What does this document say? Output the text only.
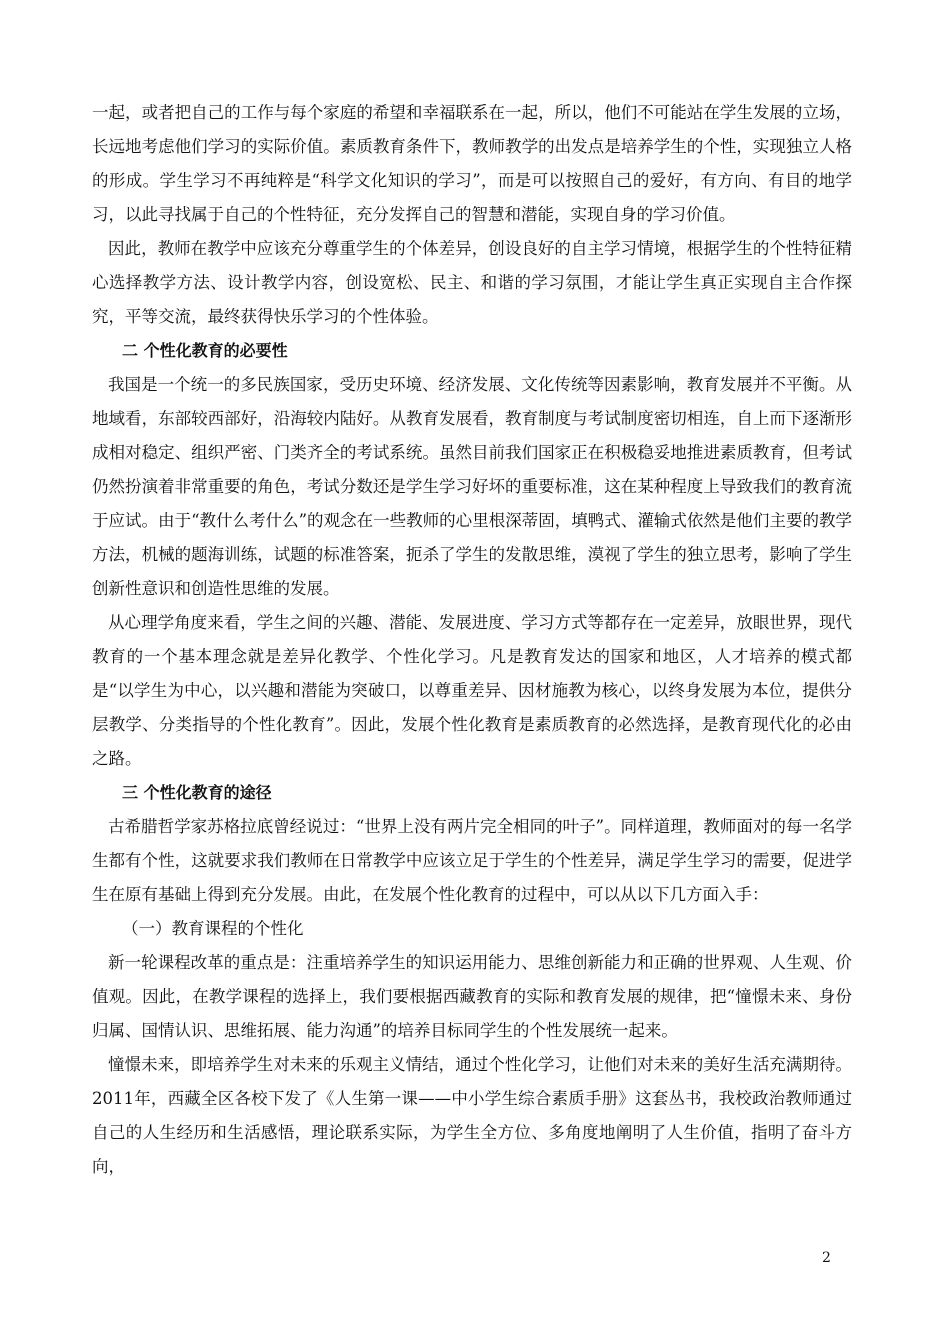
一起，或者把自己的工作与每个家庭的希望和幸福联系在一起，所以，他们不可能站在学生发展的立场，长远地考虑他们学习的实际价值。素质教育条件下，教师教学的出发点是培养学生的个性，实现独立人格的形成。学生学习不再纯粹是“科学文化知识的学习”，而是可以按照自己的爱好，有方向、有目的地学习，以此寻找属于自己的个性特征，充分发挥自己的智慧和潜能，实现自身的学习价值。

因此，教师在教学中应该充分尊重学生的个体差异，创设良好的自主学习情境，根据学生的个性特征精心选择教学方法、设计教学内容，创设宽松、民主、和谐的学习氛围，才能让学生真正实现自主合作探究，平等交流，最终获得快乐学习的个性体验。

二 个性化教育的必要性

我国是一个统一的多民族国家，受历史环境、经济发展、文化传统等因素影响，教育发展并不平衡。从地域看，东部较西部好，沿海较内陆好。从教育发展看，教育制度与考试制度密切相连，自上而下逐渐形成相对稳定、组织严密、门类齐全的考试系统。虽然目前我们国家正在积极稳妥地推进素质教育，但考试仍然扮演着非常重要的角色，考试分数还是学生学习好坏的重要标准，这在某种程度上导致我们的教育流于应试。由于“教什么考什么”的观念在一些教师的心里根深蒂固，填鸭式、灌输式依然是他们主要的教学方法，机械的题海训练，试题的标准答案，扼杀了学生的发散思维，漠视了学生的独立思考，影响了学生创新性意识和创造性思维的发展。

从心理学角度来看，学生之间的兴趣、潜能、发展进度、学习方式等都存在一定差异，放眼世界，现代教育的一个基本理念就是差异化教学、个性化学习。凡是教育发达的国家和地区，人才培养的模式都是“以学生为中心，以兴趣和潜能为突破口，以尊重差异、因材施教为核心，以终身发展为本位，提供分层教学、分类指导的个性化教育”。因此，发展个性化教育是素质教育的必然选择，是教育现代化的必由之路。

三 个性化教育的途径

古希腊哲学家苏格拉底曾经说过：“世界上没有两片完全相同的叶子”。同样道理，教师面对的每一名学生都有个性，这就要求我们教师在日常教学中应该立足于学生的个性差异，满足学生学习的需要，促进学生在原有基础上得到充分发展。由此，在发展个性化教育的过程中，可以从以下几方面入手：

（一）教育课程的个性化

新一轮课程改革的重点是：注重培养学生的知识运用能力、思维创新能力和正确的世界观、人生观、价值观。因此，在教学课程的选择上，我们要根据西藏教育的实际和教育发展的规律，把“憧憬未来、身份归属、国情认识、思维拓展、能力沟通”的培养目标同学生的个性发展统一起来。

憧憬未来，即培养学生对未来的乐观主义情结，通过个性化学习，让他们对未来的美好生活充满期待。2011年，西藏全区各校下发了《人生第一课——中小学生综合素质手册》这套丛书，我校政治教师通过自己的人生经历和生活感悟，理论联系实际，为学生全方位、多角度地阐明了人生价值，指明了奋斗方向，

2
